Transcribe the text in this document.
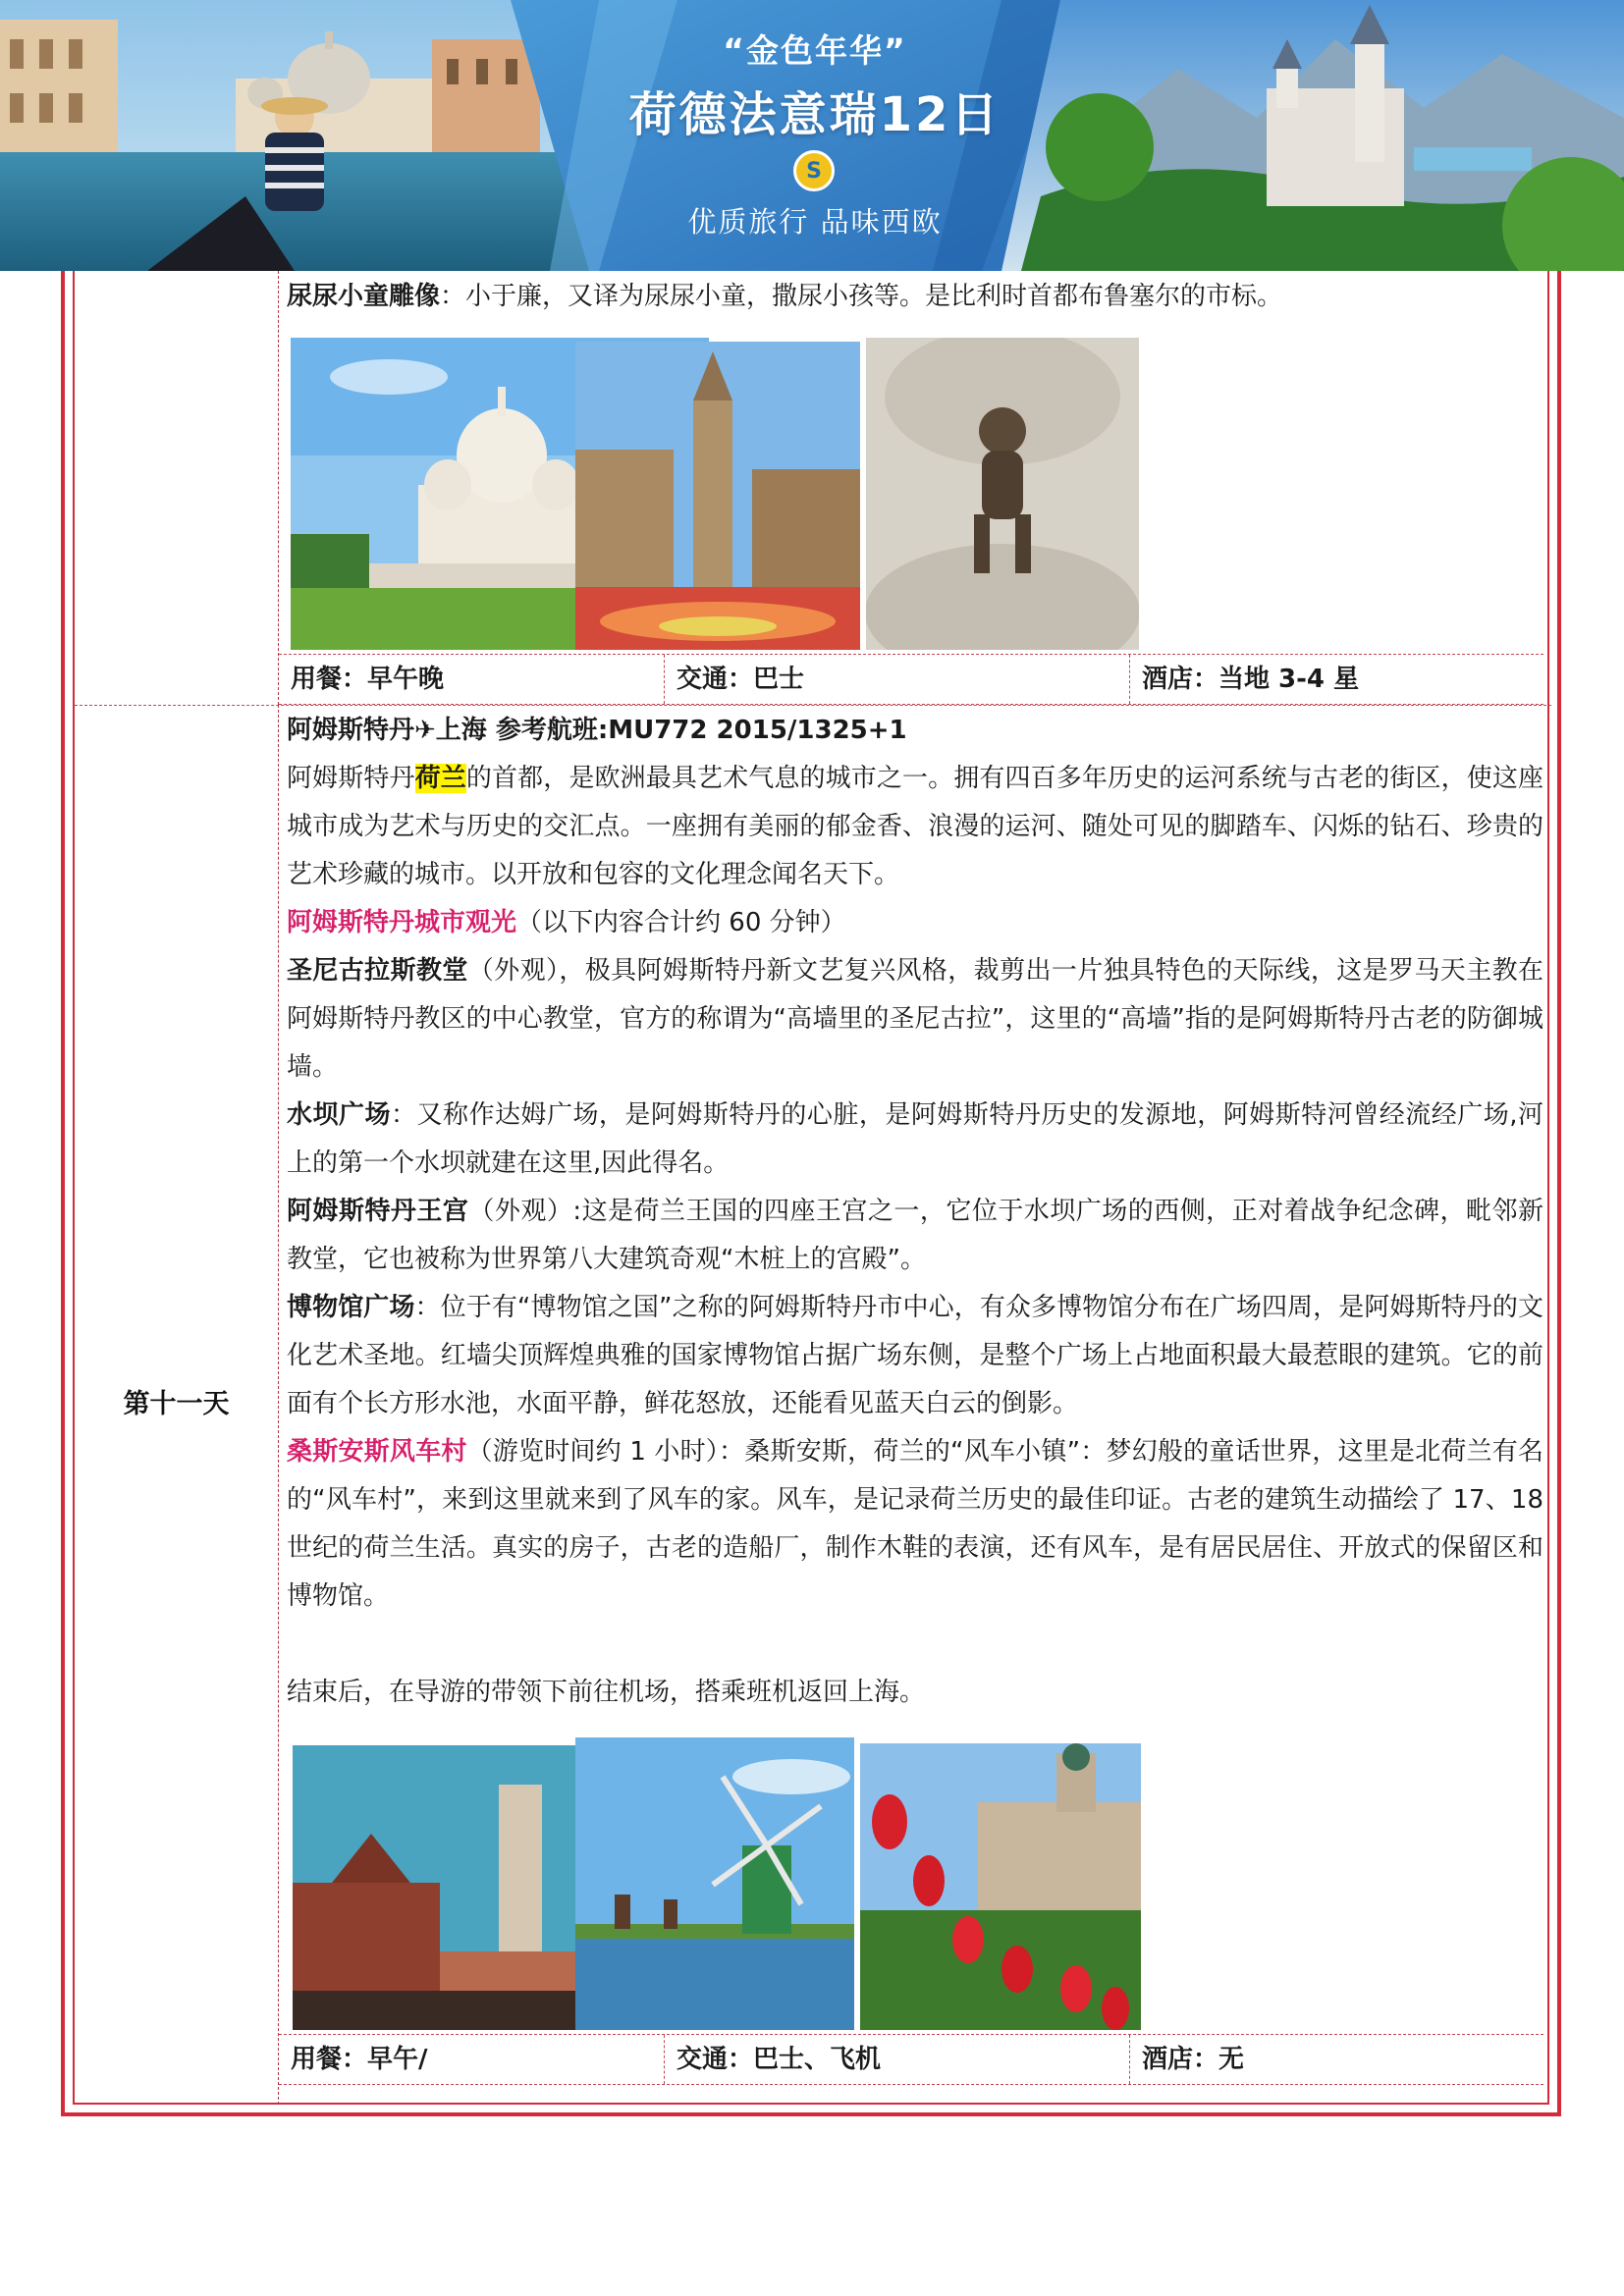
“金色年华”
荷德法意瑞12日
S
优质旅行 品味西欧

尿尿小童雕像：小于廉，又译为尿尿小童，撒尿小孩等。是比利时首都布鲁塞尔的市标。

用餐：早午晚	交通：巴士	酒店：当地 3-4 星
第十一天

阿姆斯特丹✈上海 参考航班:MU772 2015/1325+1

阿姆斯特丹荷兰的首都，是欧洲最具艺术气息的城市之一。拥有四百多年历史的运河系统与古老的街区，使这座城市成为艺术与历史的交汇点。一座拥有美丽的郁金香、浪漫的运河、随处可见的脚踏车、闪烁的钻石、珍贵的艺术珍藏的城市。以开放和包容的文化理念闻名天下。

阿姆斯特丹城市观光（以下内容合计约 60 分钟）

圣尼古拉斯教堂（外观），极具阿姆斯特丹新文艺复兴风格，裁剪出一片独具特色的天际线，这是罗马天主教在阿姆斯特丹教区的中心教堂，官方的称谓为“高墙里的圣尼古拉”，这里的“高墙”指的是阿姆斯特丹古老的防御城墙。

水坝广场：又称作达姆广场，是阿姆斯特丹的心脏，是阿姆斯特丹历史的发源地，阿姆斯特河曾经流经广场,河上的第一个水坝就建在这里,因此得名。

阿姆斯特丹王宫（外观）:这是荷兰王国的四座王宫之一，它位于水坝广场的西侧，正对着战争纪念碑，毗邻新教堂，它也被称为世界第八大建筑奇观“木桩上的宫殿”。

博物馆广场：位于有“博物馆之国”之称的阿姆斯特丹市中心，有众多博物馆分布在广场四周，是阿姆斯特丹的文化艺术圣地。红墙尖顶辉煌典雅的国家博物馆占据广场东侧，是整个广场上占地面积最大最惹眼的建筑。它的前面有个长方形水池，水面平静，鲜花怒放，还能看见蓝天白云的倒影。

桑斯安斯风车村（游览时间约 1 小时）：桑斯安斯，荷兰的“风车小镇”：梦幻般的童话世界，这里是北荷兰有名的“风车村”，来到这里就来到了风车的家。风车，是记录荷兰历史的最佳印证。古老的建筑生动描绘了 17、18 世纪的荷兰生活。真实的房子，古老的造船厂，制作木鞋的表演，还有风车，是有居民居住、开放式的保留区和博物馆。

结束后，在导游的带领下前往机场，搭乘班机返回上海。

用餐：早午/	交通：巴士、飞机	酒店：无
